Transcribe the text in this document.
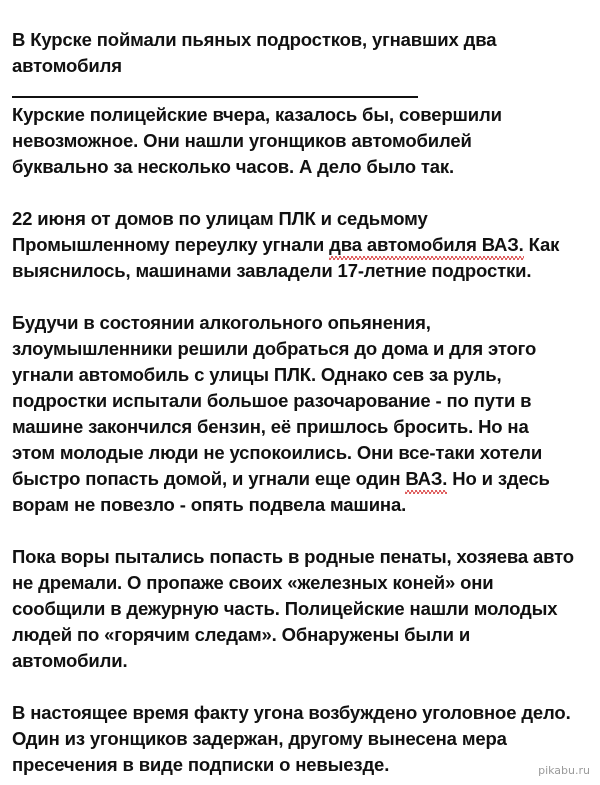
В Курске поймали пьяных подростков, угнавших два
автомобиля
Курские полицейские вчера, казалось бы, совершили
невозможное. Они нашли угонщиков автомобилей
буквально за несколько часов. А дело было так.
22 июня от домов по улицам ПЛК и седьмому
Промышленному переулку угнали два автомобиля ВАЗ. Как
выяснилось, машинами завладели 17-летние подростки.
Будучи в состоянии алкогольного опьянения,
злоумышленники решили добраться до дома и для этого
угнали автомобиль с улицы ПЛК. Однако сев за руль,
подростки испытали большое разочарование - по пути в
машине закончился бензин, её пришлось бросить. Но на
этом молодые люди не успокоились. Они все-таки хотели
быстро попасть домой, и угнали еще один ВАЗ. Но и здесь
ворам не повезло - опять подвела машина.
Пока воры пытались попасть в родные пенаты, хозяева авто
не дремали. О пропаже своих «железных коней» они
сообщили в дежурную часть. Полицейские нашли молодых
людей по «горячим следам». Обнаружены были и
автомобили.
В настоящее время факту угона возбуждено уголовное дело.
Один из угонщиков задержан, другому вынесена мера
пресечения в виде подписки о невыезде.	pikabu.ru
